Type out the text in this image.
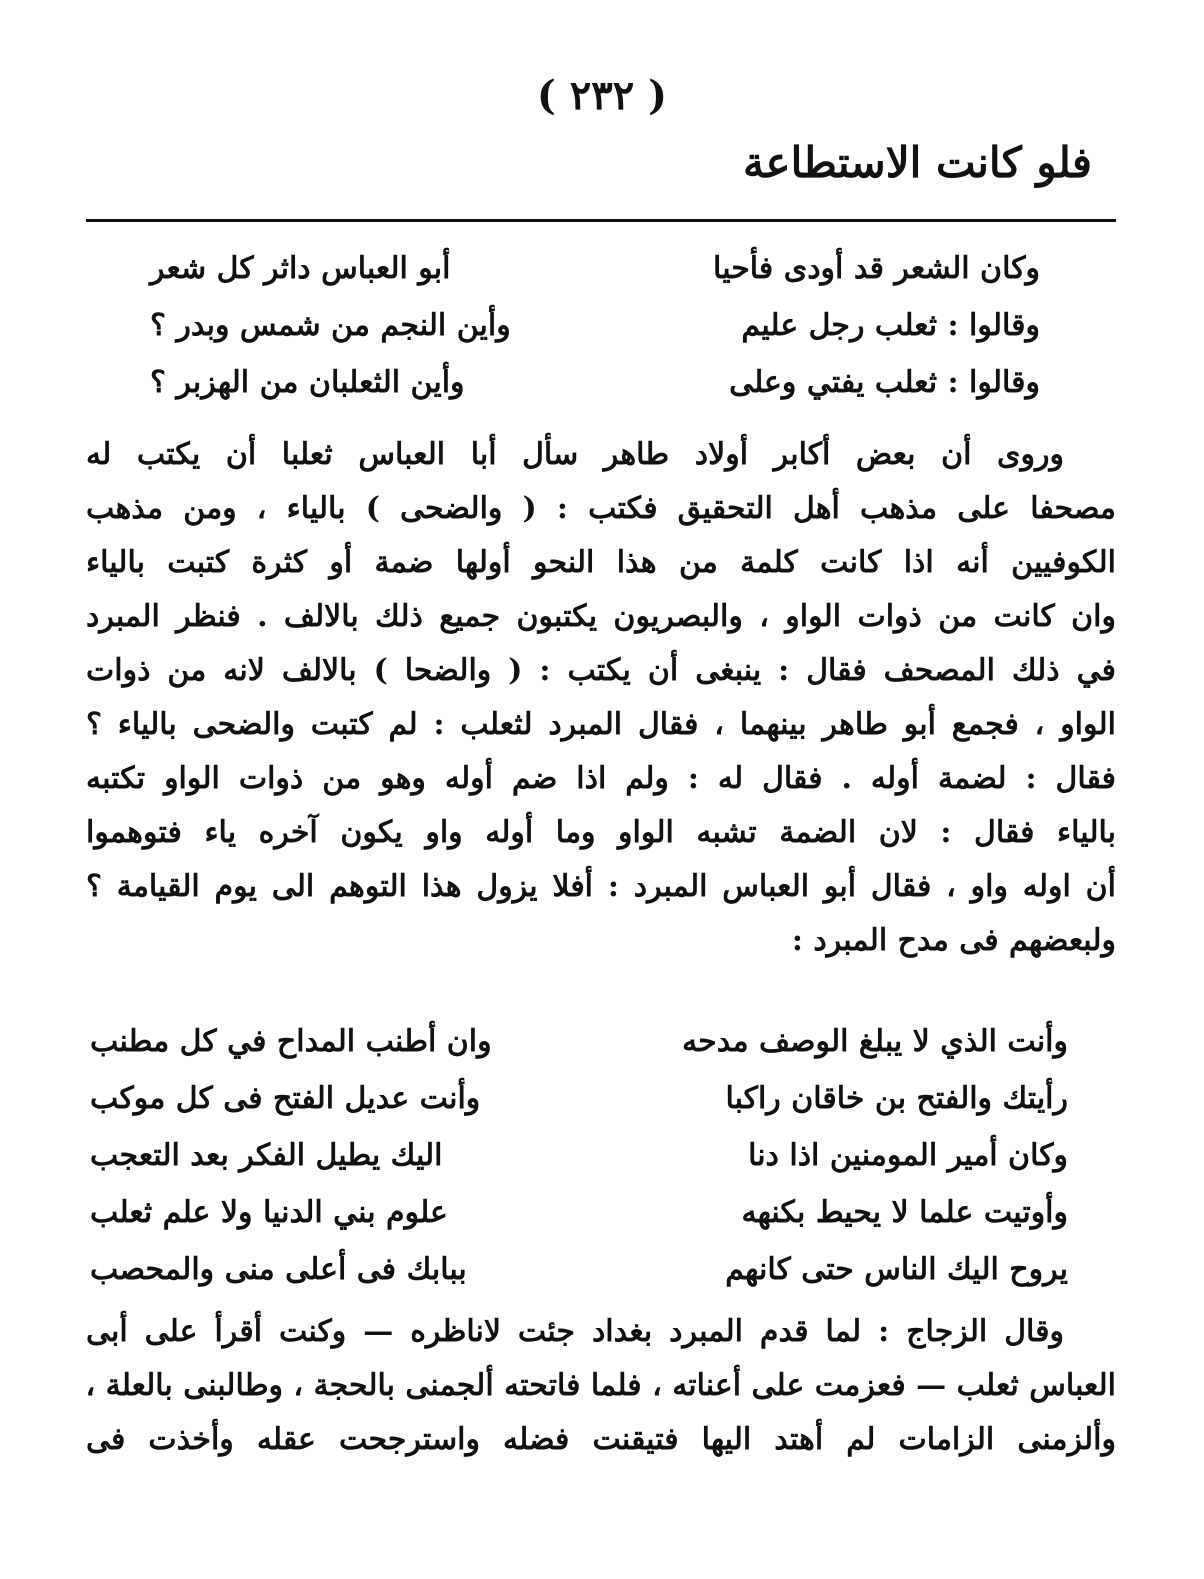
( ٢٣٢ )
فلو كانت الاستطاعة
وكان الشعر قد أودى فأحيا
أبو العباس داثر كل شعر
وقالوا : ثعلب رجل عليم
وأين النجم من شمس وبدر ؟
وقالوا : ثعلب يفتي وعلى
وأين الثعلبان من الهزبر ؟
وروى أن بعض أكابر أولاد طاهر سأل أبا العباس ثعلبا أن يكتب له
مصحفا على مذهب أهل التحقيق فكتب : ( والضحى ) بالياء ، ومن مذهب
الكوفيين أنه اذا كانت كلمة من هذا النحو أولها ضمة أو كثرة كتبت بالياء
وان كانت من ذوات الواو ، والبصريون يكتبون جميع ذلك بالالف . فنظر المبرد
في ذلك المصحف فقال : ينبغى أن يكتب : ( والضحا ) بالالف لانه من ذوات
الواو ، فجمع أبو طاهر بينهما ، فقال المبرد لثعلب : لم كتبت والضحى بالياء ؟
فقال : لضمة أوله . فقال له : ولم اذا ضم أوله وهو من ذوات الواو تكتبه
بالياء فقال : لان الضمة تشبه الواو وما أوله واو يكون آخره ياء فتوهموا
أن اوله واو ، فقال أبو العباس المبرد : أفلا يزول هذا التوهم الى يوم القيامة ؟
ولبعضهم فى مدح المبرد :
وأنت الذي لا يبلغ الوصف مدحه
وان أطنب المداح في كل مطنب
رأيتك والفتح بن خاقان راكبا
وأنت عديل الفتح فى كل موكب
وكان أمير المومنين اذا دنا
اليك يطيل الفكر بعد التعجب
وأوتيت علما لا يحيط بكنهه
علوم بني الدنيا ولا علم ثعلب
يروح اليك الناس حتى كانهم
ببابك فى أعلى منى والمحصب
وقال الزجاج : لما قدم المبرد بغداد جئت لاناظره — وكنت أقرأ على أبى
العباس ثعلب — فعزمت على أعناته ، فلما فاتحته ألجمنى بالحجة ، وطالبنى بالعلة ،
وألزمنى الزامات لم أهتد اليها فتيقنت فضله واسترجحت عقله وأخذت فى
